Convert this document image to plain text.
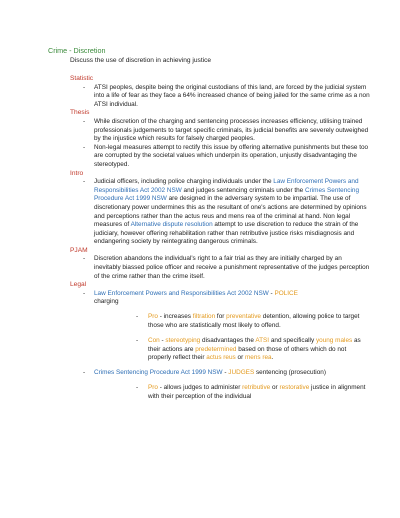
Crime - Discretion
Discuss the use of discretion in achieving justice

Statistic

- ATSI peoples, despite being the original custodians of this land, are forced by the judicial system into a life of fear as they face a 64% increased chance of being jailed for the same crime as a non ATSI individual.

Thesis

- While discretion of the charging and sentencing processes increases efficiency, utilising trained professionals judgements to target specific criminals, its judicial benefits are severely outweighed by the injustice which results for falsely charged peoples.

- Non-legal measures attempt to rectify this issue by offering alternative punishments but these too are corrupted by the societal values which underpin its operation, unjustly disadvantaging the stereotyped.

Intro

- Judicial officers, including police charging individuals under the Law Enforcement Powers and Responsibilities Act 2002 NSW and judges sentencing criminals under the Crimes Sentencing Procedure Act 1999 NSW are designed in the adversary system to be impartial. The use of discretionary power undermines this as the resultant of one's actions are determined by opinions and perceptions rather than the actus reus and mens rea of the criminal at hand. Non legal measures of Alternative dispute resolution attempt to use discretion to reduce the strain of the judiciary, however offering rehabilitation rather than retributive justice risks misdiagnosis and endangering society by reintegrating dangerous criminals.

PJAM

- Discretion abandons the individual's right to a fair trial as they are initially charged by an inevitably biassed police officer and receive a punishment representative of the judges perception of the crime rather than the crime itself.

Legal

- Law Enforcement Powers and Responsibilities Act 2002 NSW - POLICE
charging

- Pro - increases filtration for preventative detention, allowing police to target those who are statistically most likely to offend.

- Con - stereotyping disadvantages the ATSI and specifically young males as their actions are predetermined based on those of others which do not properly reflect their actus reus or mens rea.

- Crimes Sentencing Procedure Act 1999 NSW - JUDGES sentencing (prosecution)

- Pro - allows judges to administer retributive or restorative justice in alignment with their perception of the individual
